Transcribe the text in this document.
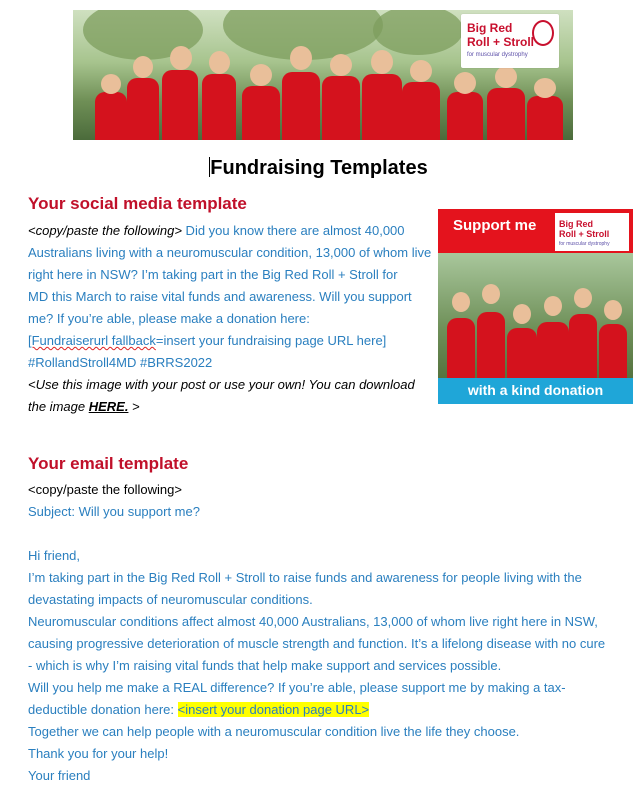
Big Red
Roll + Stroll
for muscular dystrophy
Fundraising Templates
Your social media template
<copy/paste the following> Did you know there are almost 40,000
Australians living with a neuromuscular condition, 13,000 of whom live
right here in NSW? I’m taking part in the Big Red Roll + Stroll for
MD this March to raise vital funds and awareness. Will you support
me? If you’re able, please make a donation here:
[Fundraiserurl fallback=insert your fundraising page URL here]
#RollandStroll4MD #BRRS2022
<Use this image with your post or use your own! You can download
the image HERE. >
Support me	Big Red
Roll + Stroll
for muscular dystrophy
with a kind donation
Your email template
<copy/paste the following>
Subject: Will you support me?

Hi friend,
I’m taking part in the Big Red Roll + Stroll to raise funds and awareness for people living with the
devastating impacts of neuromuscular conditions.
Neuromuscular conditions affect almost 40,000 Australians, 13,000 of whom live right here in NSW,
causing progressive deterioration of muscle strength and function. It’s a lifelong disease with no cure
- which is why I’m raising vital funds that help make support and services possible.
Will you help me make a REAL difference? If you’re able, please support me by making a tax-
deductible donation here: <insert your donation page URL>
Together we can help people with a neuromuscular condition live the life they choose.
Thank you for your help!
Your friend
